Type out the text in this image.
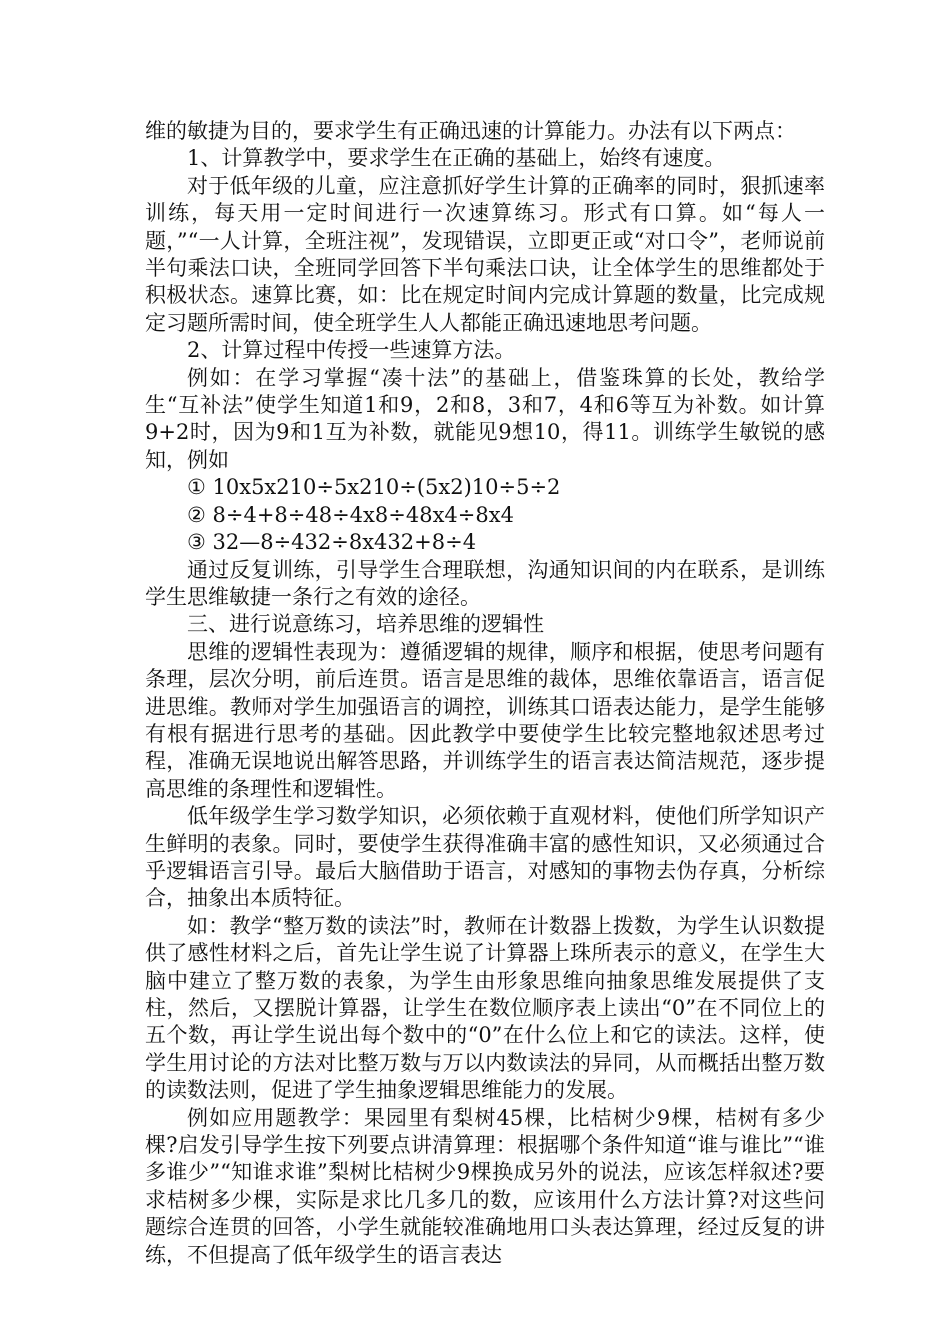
维的敏捷为目的，要求学生有正确迅速的计算能力。办法有以下两点：

1、计算教学中，要求学生在正确的基础上，始终有速度。

对于低年级的儿童，应注意抓好学生计算的正确率的同时，狠抓速率训练，每天用一定时间进行一次速算练习。形式有口算。如“每人一题，”“一人计算，全班注视”，发现错误，立即更正或“对口令”，老师说前半句乘法口诀，全班同学回答下半句乘法口诀，让全体学生的思维都处于积极状态。速算比赛，如：比在规定时间内完成计算题的数量，比完成规定习题所需时间，使全班学生人人都能正确迅速地思考问题。

2、计算过程中传授一些速算方法。

例如：在学习掌握“凑十法”的基础上，借鉴珠算的长处，教给学生“互补法”使学生知道1和9，2和8，3和7，4和6等互为补数。如计算9+2时，因为9和1互为补数，就能见9想10，得11。训练学生敏锐的感知，例如

① 10x5x210÷5x210÷(5x2)10÷5÷2

② 8÷4+8÷48÷4x8÷48x4÷8x4

③ 32—8÷432÷8x432+8÷4

通过反复训练，引导学生合理联想，沟通知识间的内在联系，是训练学生思维敏捷一条行之有效的途径。

三、进行说意练习，培养思维的逻辑性

思维的逻辑性表现为：遵循逻辑的规律，顺序和根据，使思考问题有条理，层次分明，前后连贯。语言是思维的裁体，思维依靠语言，语言促进思维。教师对学生加强语言的调控，训练其口语表达能力，是学生能够有根有据进行思考的基础。因此教学中要使学生比较完整地叙述思考过程，准确无误地说出解答思路，并训练学生的语言表达简洁规范，逐步提高思维的条理性和逻辑性。

低年级学生学习数学知识，必须依赖于直观材料，使他们所学知识产生鲜明的表象。同时，要使学生获得准确丰富的感性知识，又必须通过合乎逻辑语言引导。最后大脑借助于语言，对感知的事物去伪存真，分析综合，抽象出本质特征。

如：教学“整万数的读法”时，教师在计数器上拨数，为学生认识数提供了感性材料之后，首先让学生说了计算器上珠所表示的意义，在学生大脑中建立了整万数的表象，为学生由形象思维向抽象思维发展提供了支柱，然后，又摆脱计算器，让学生在数位顺序表上读出“0”在不同位上的五个数，再让学生说出每个数中的“0”在什么位上和它的读法。这样，使学生用讨论的方法对比整万数与万以内数读法的异同，从而概括出整万数的读数法则，促进了学生抽象逻辑思维能力的发展。

例如应用题教学：果园里有梨树45棵，比桔树少9棵，桔树有多少棵?启发引导学生按下列要点讲清算理：根据哪个条件知道“谁与谁比”“谁多谁少”“知谁求谁”梨树比桔树少9棵换成另外的说法，应该怎样叙述?要求桔树多少棵，实际是求比几多几的数，应该用什么方法计算?对这些问题综合连贯的回答，小学生就能较准确地用口头表达算理，经过反复的讲练，不但提高了低年级学生的语言表达
